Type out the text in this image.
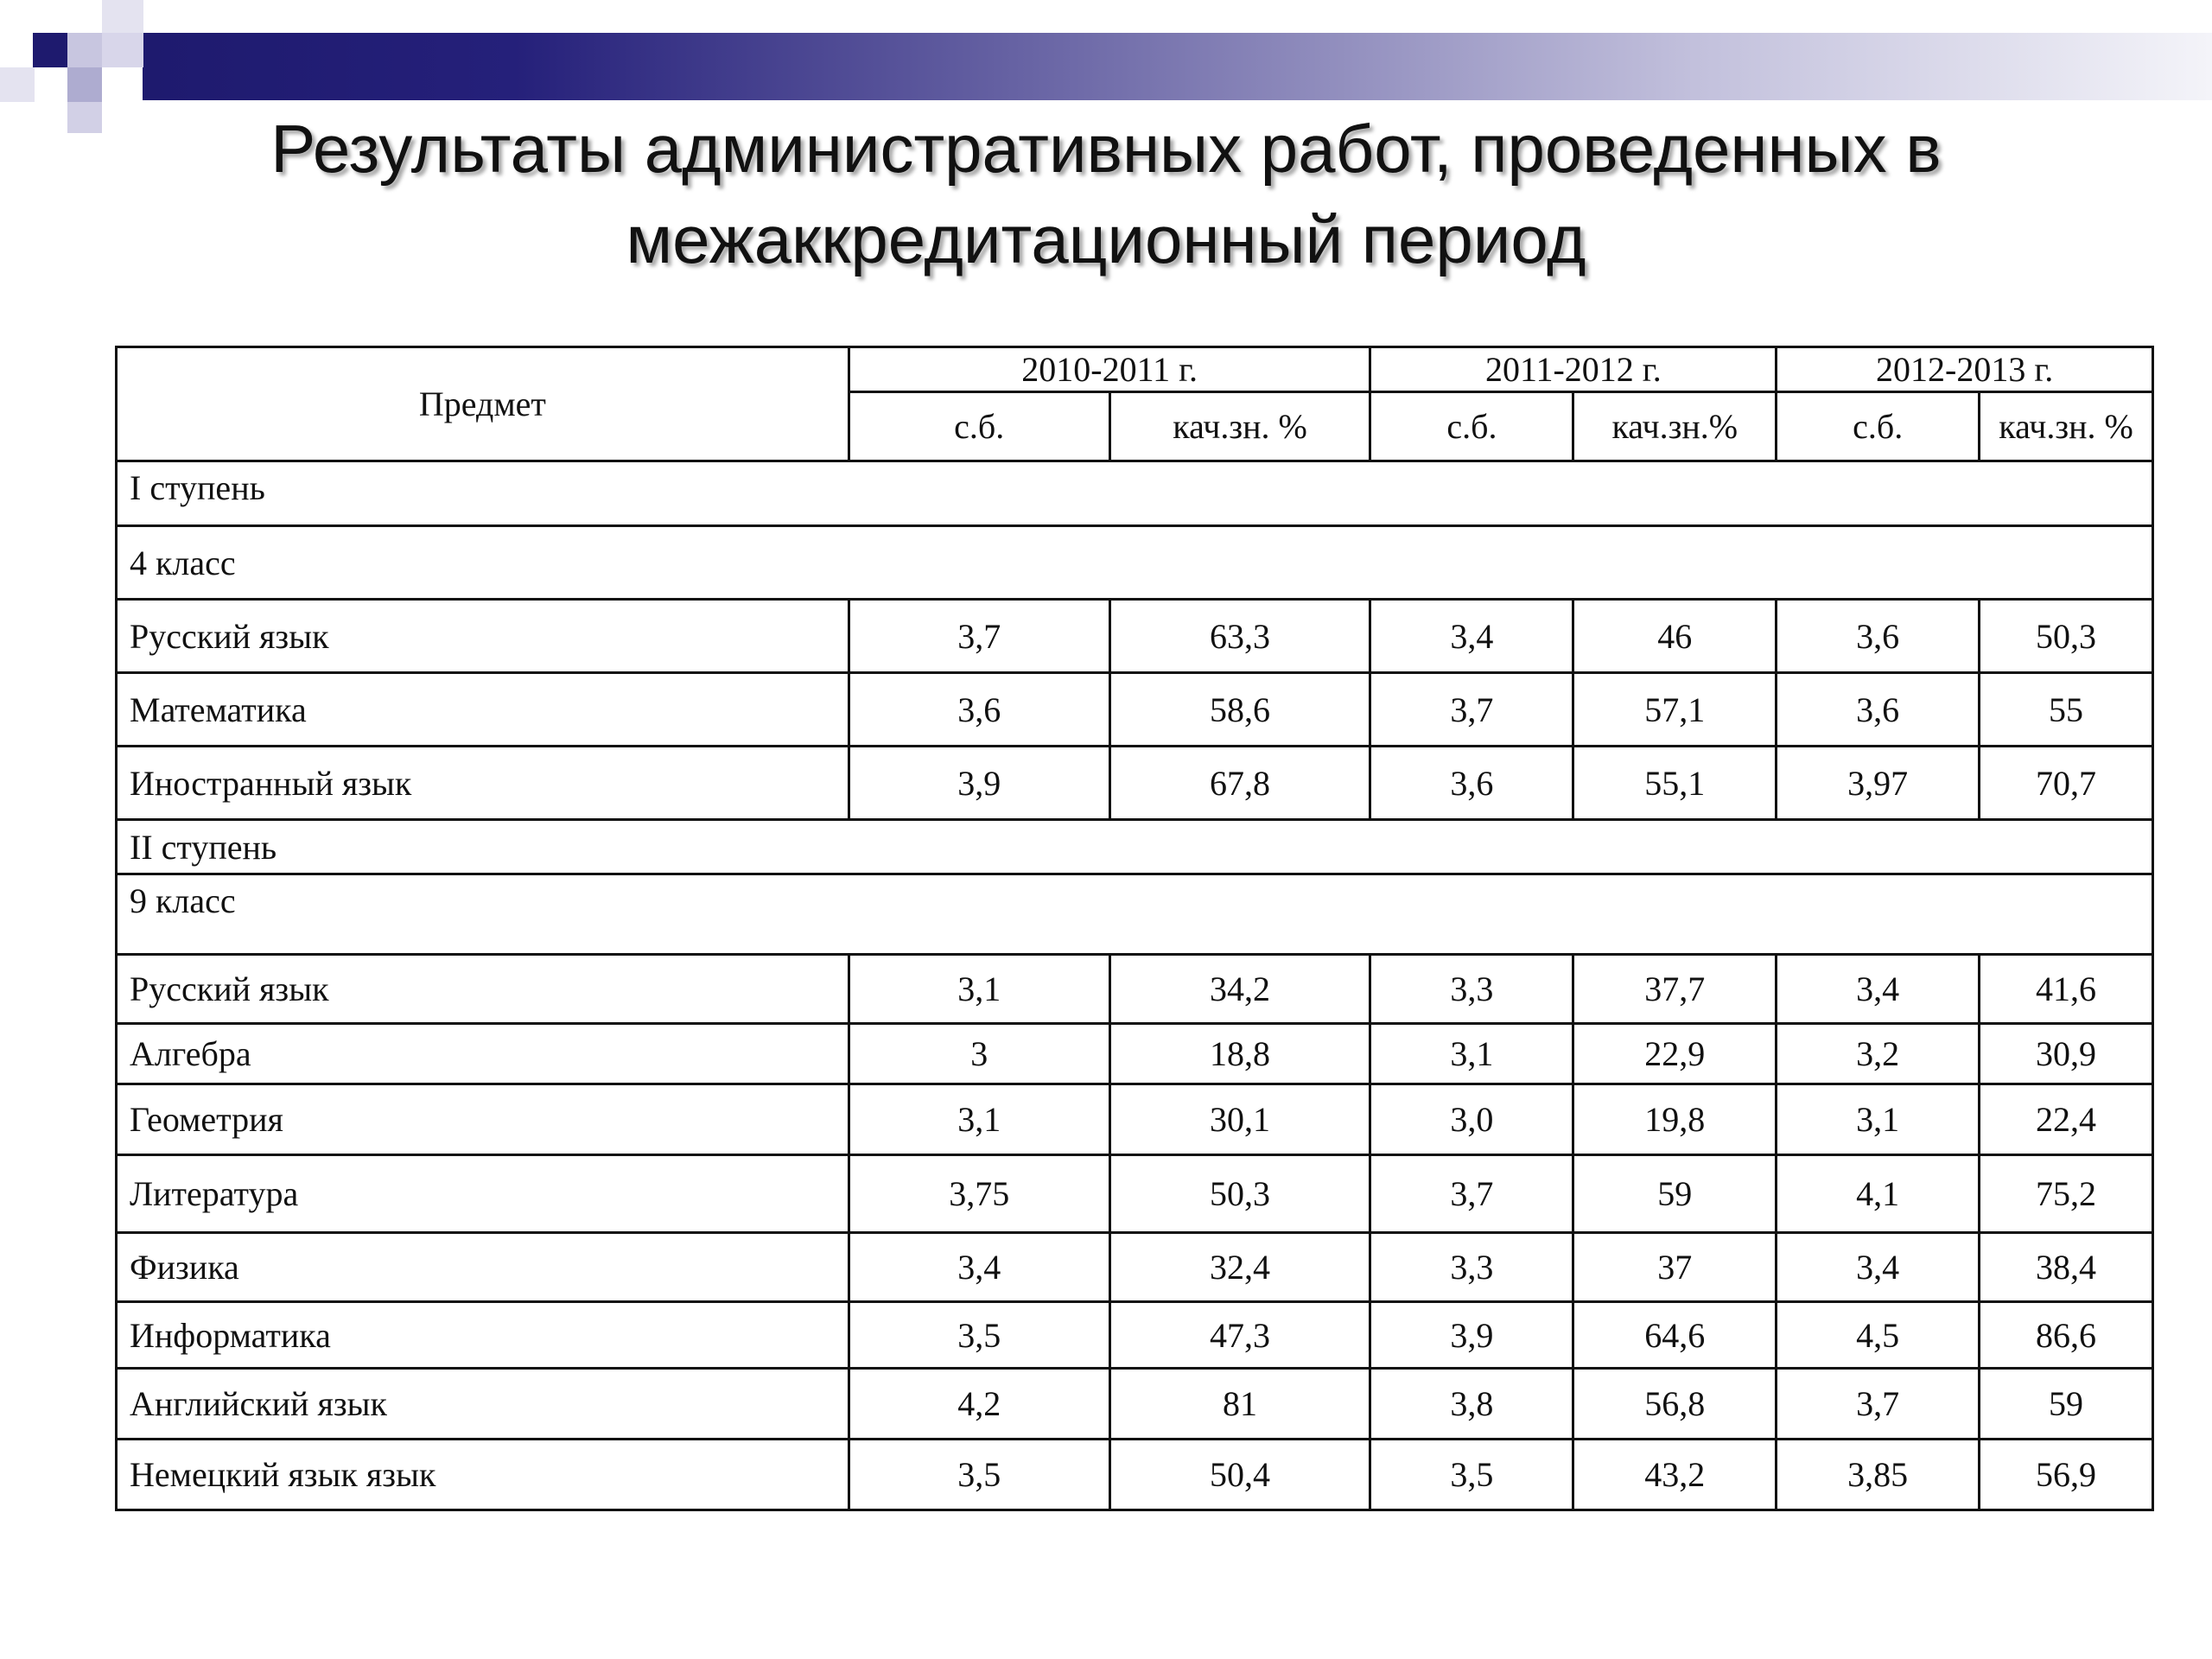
Результаты административных работ, проведенных в
межаккредитационный период
Предмет	2010-2011 г.		2011-2012 г.		2012-2013 г.	
	с.б.	кач.зн. %	с.б.	кач.зн.%	с.б.	кач.зн. %
I ступень						
4 класс						
Русский язык	3,7	63,3	3,4	46	3,6	50,3
Математика	3,6	58,6	3,7	57,1	3,6	55
Иностранный язык	3,9	67,8	3,6	55,1	3,97	70,7
II ступень						
9 класс						
Русский язык	3,1	34,2	3,3	37,7	3,4	41,6
Алгебра	3	18,8	3,1	22,9	3,2	30,9
Геометрия	3,1	30,1	3,0	19,8	3,1	22,4
Литература	3,75	50,3	3,7	59	4,1	75,2
Физика	3,4	32,4	3,3	37	3,4	38,4
Информатика	3,5	47,3	3,9	64,6	4,5	86,6
Английский язык	4,2	81	3,8	56,8	3,7	59
Немецкий язык язык	3,5	50,4	3,5	43,2	3,85	56,9
